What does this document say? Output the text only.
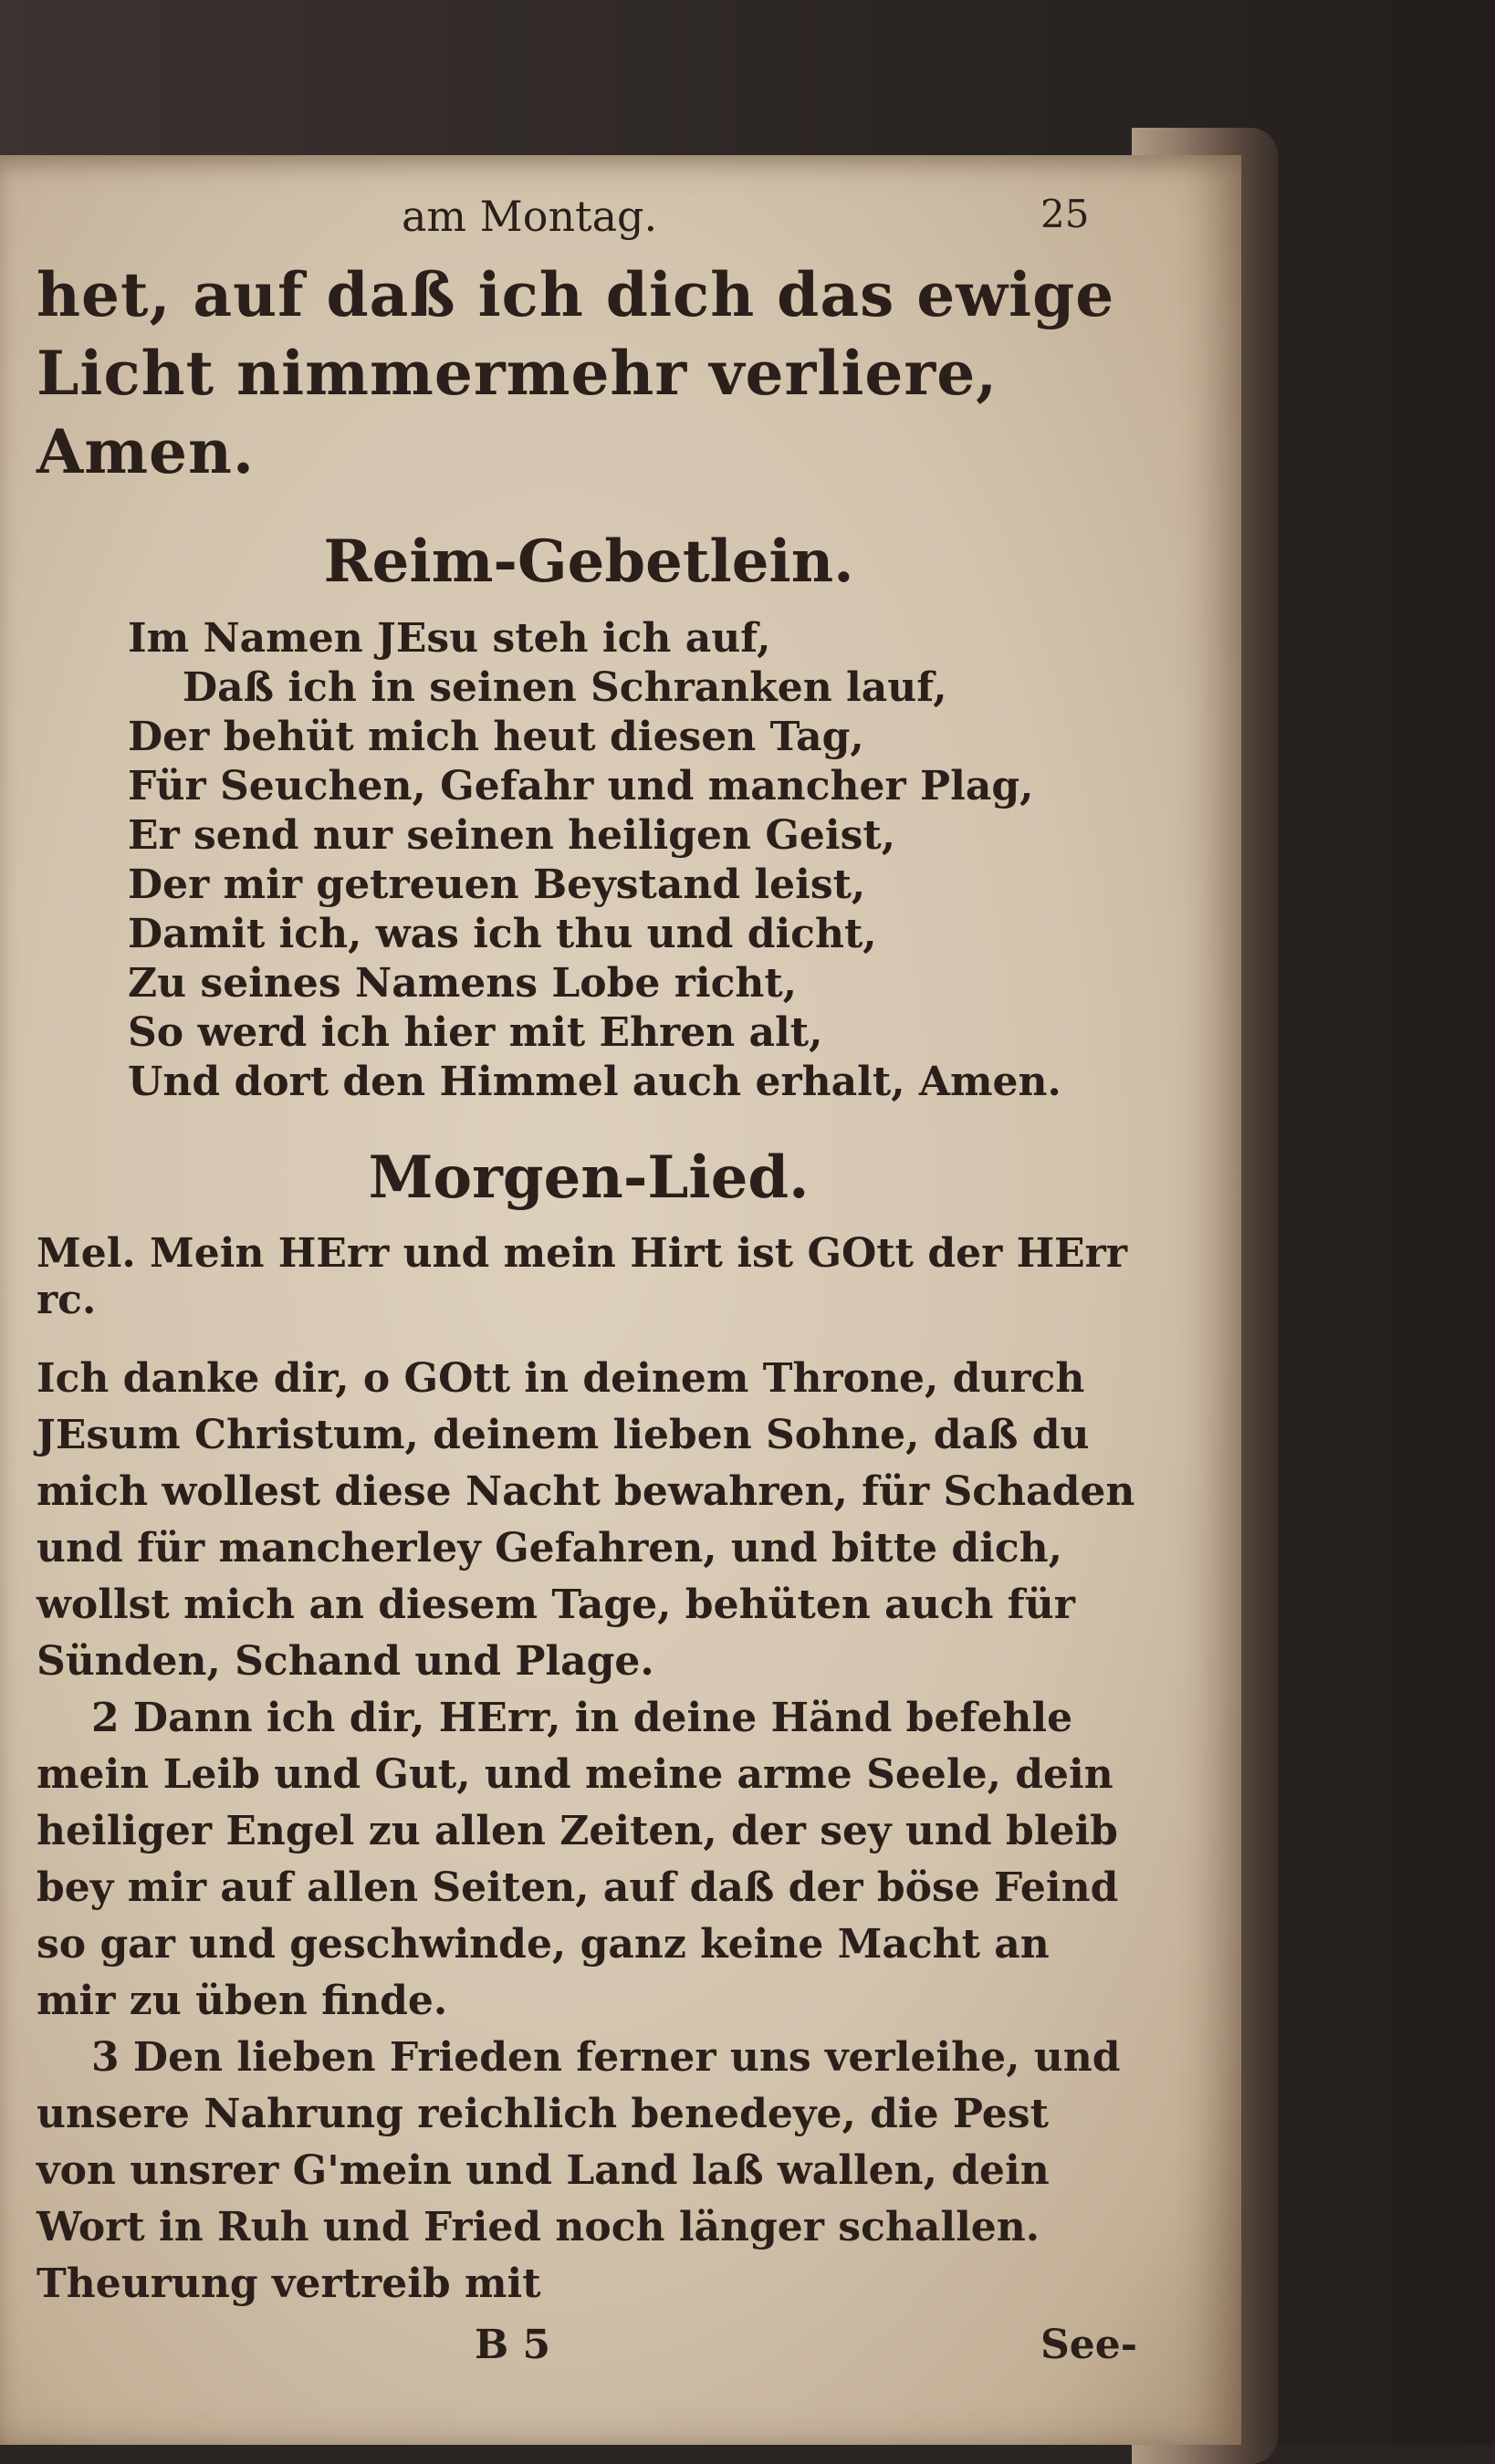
am Montag.	25

het, auf daß ich dich das ewige

Licht nimmermehr verliere, Amen.

Reim-Gebetlein.
Im Namen JEsu steh ich auf,
Daß ich in seinen Schranken lauf,
Der behüt mich heut diesen Tag,
Für Seuchen, Gefahr und mancher Plag,
Er send nur seinen heiligen Geist,
Der mir getreuen Beystand leist,
Damit ich, was ich thu und dicht,
Zu seines Namens Lobe richt,
So werd ich hier mit Ehren alt,
Und dort den Himmel auch erhalt, Amen.
Morgen-Lied.
Mel. Mein HErr und mein Hirt ist GOtt der HErr rc.

Ich danke dir, o GOtt in deinem Throne, durch JEsum Christum, deinem lieben Sohne, daß du mich wollest diese Nacht bewahren, für Schaden und für mancherley Gefahren, und bitte dich, wollst mich an diesem Tage, behüten auch für Sünden, Schand und Plage.

2 Dann ich dir, HErr, in deine Händ befehle mein Leib und Gut, und meine arme Seele, dein heiliger Engel zu allen Zeiten, der sey und bleib bey mir auf allen Seiten, auf daß der böse Feind so gar und geschwinde, ganz keine Macht an mir zu üben finde.

3 Den lieben Frieden ferner uns verleihe, und unsere Nahrung reichlich benedeye, die Pest von unsrer G'mein und Land laß wallen, dein Wort in Ruh und Fried noch länger schallen. Theurung vertreib mit

B 5	See-
